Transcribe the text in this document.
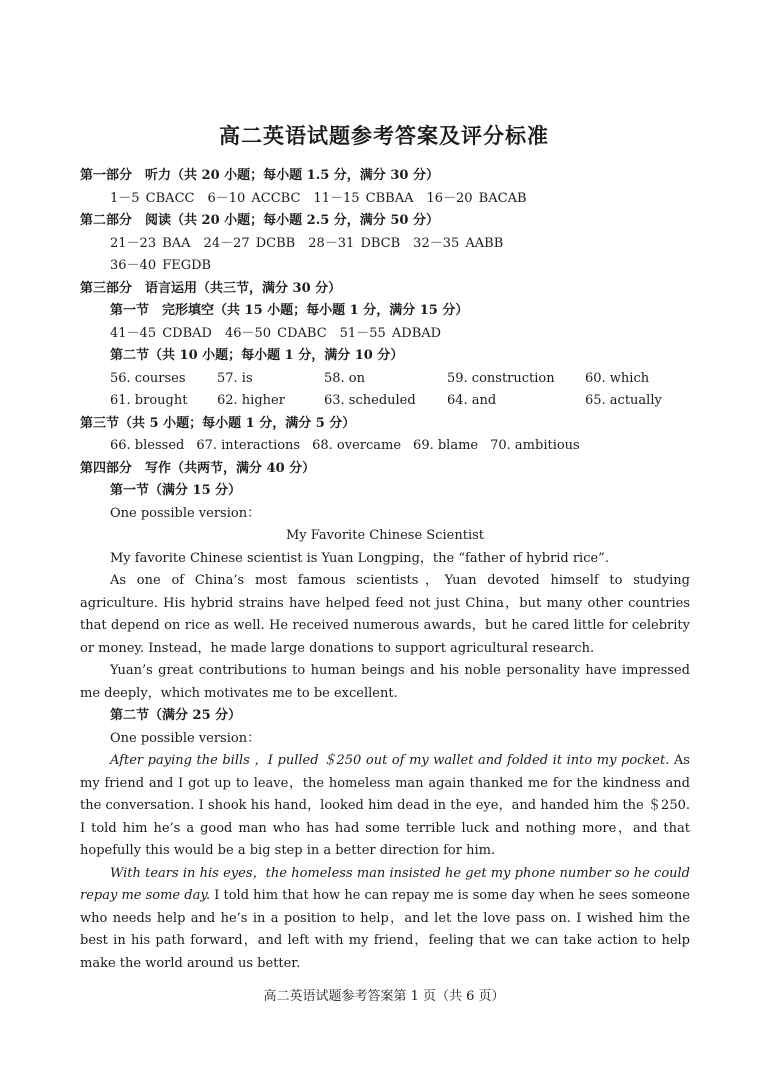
高二英语试题参考答案及评分标准
第一部分　听力（共 20 小题；每小题 1.5 分，满分 30 分）
1－5 CBACC　6－10 ACCBC　11－15 CBBAA　16－20 BACAB
第二部分　阅读（共 20 小题；每小题 2.5 分，满分 50 分）
21－23 BAA　24－27 DCBB　28－31 DBCB　32－35 AABB
36－40 FEGDB
第三部分　语言运用（共三节，满分 30 分）
第一节　完形填空（共 15 小题；每小题 1 分，满分 15 分）
41－45 CDBAD　46－50 CDABC　51－55 ADBAD
第二节（共 10 小题；每小题 1 分，满分 10 分）
56. courses	57. is	58. on	59. construction	60. which
61. brought	62. higher	63. scheduled	64. and	65. actually
第三节（共 5 小题；每小题 1 分，满分 5 分）
66. blessed 67. interactions 68. overcame 69. blame 70. ambitious
第四部分　写作（共两节，满分 40 分）
第一节（满分 15 分）
One possible version：
My Favorite Chinese Scientist
My favorite Chinese scientist is Yuan Longping，the “father of hybrid rice”.
As one of China’s most famous scientists，Yuan devoted himself to studying agriculture. His hybrid strains have helped feed not just China，but many other countries that depend on rice as well. He received numerous awards，but he cared little for celebrity or money. Instead，he made large donations to support agricultural research.
Yuan’s great contributions to human beings and his noble personality have impressed me deeply，which motivates me to be excellent.
第二节（满分 25 分）
One possible version：
After paying the bills ，I pulled ＄250 out of my wallet and folded it into my pocket. As my friend and I got up to leave，the homeless man again thanked me for the kindness and the conversation. I shook his hand，looked him dead in the eye，and handed him the ＄250. I told him he’s a good man who has had some terrible luck and nothing more，and that hopefully this would be a big step in a better direction for him.
With tears in his eyes，the homeless man insisted he get my phone number so he could repay me some day. I told him that how he can repay me is some day when he sees someone who needs help and he’s in a position to help，and let the love pass on. I wished him the best in his path forward，and left with my friend，feeling that we can take action to help make the world around us better.
高二英语试题参考答案第 1 页（共 6 页）
